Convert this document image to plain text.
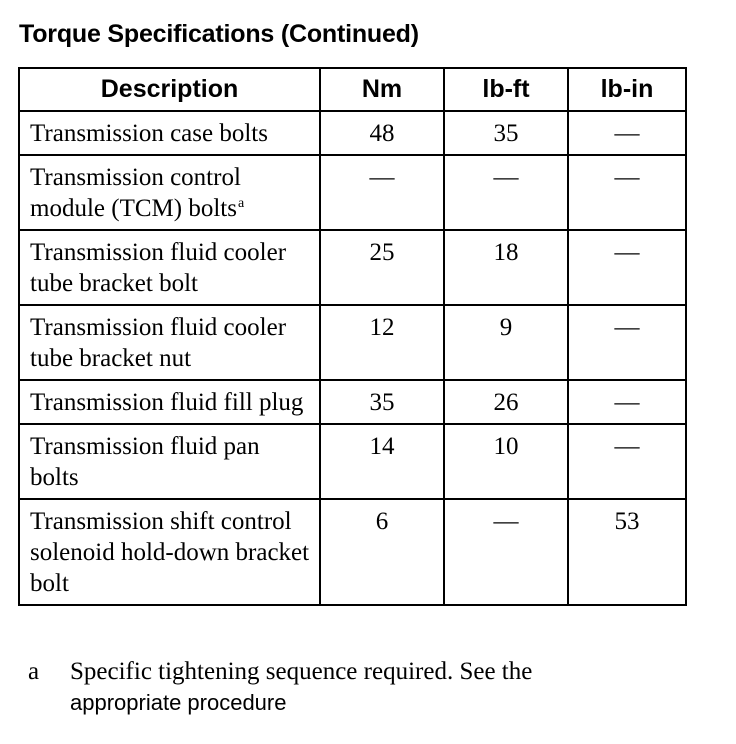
Torque Specifications (Continued)
Description	Nm	lb-ft	lb-in
Transmission case bolts	48	35	—
Transmission control module (TCM) bolts$^a$	—	—	—
Transmission fluid cooler tube bracket bolt	25	18	—
Transmission fluid cooler tube bracket nut	12	9	—
Transmission fluid fill plug	35	26	—
Transmission fluid pan bolts	14	10	—
Transmission shift control solenoid hold-down bracket bolt	6	—	53
a Specific tightening sequence required. See the
appropriate procedure
